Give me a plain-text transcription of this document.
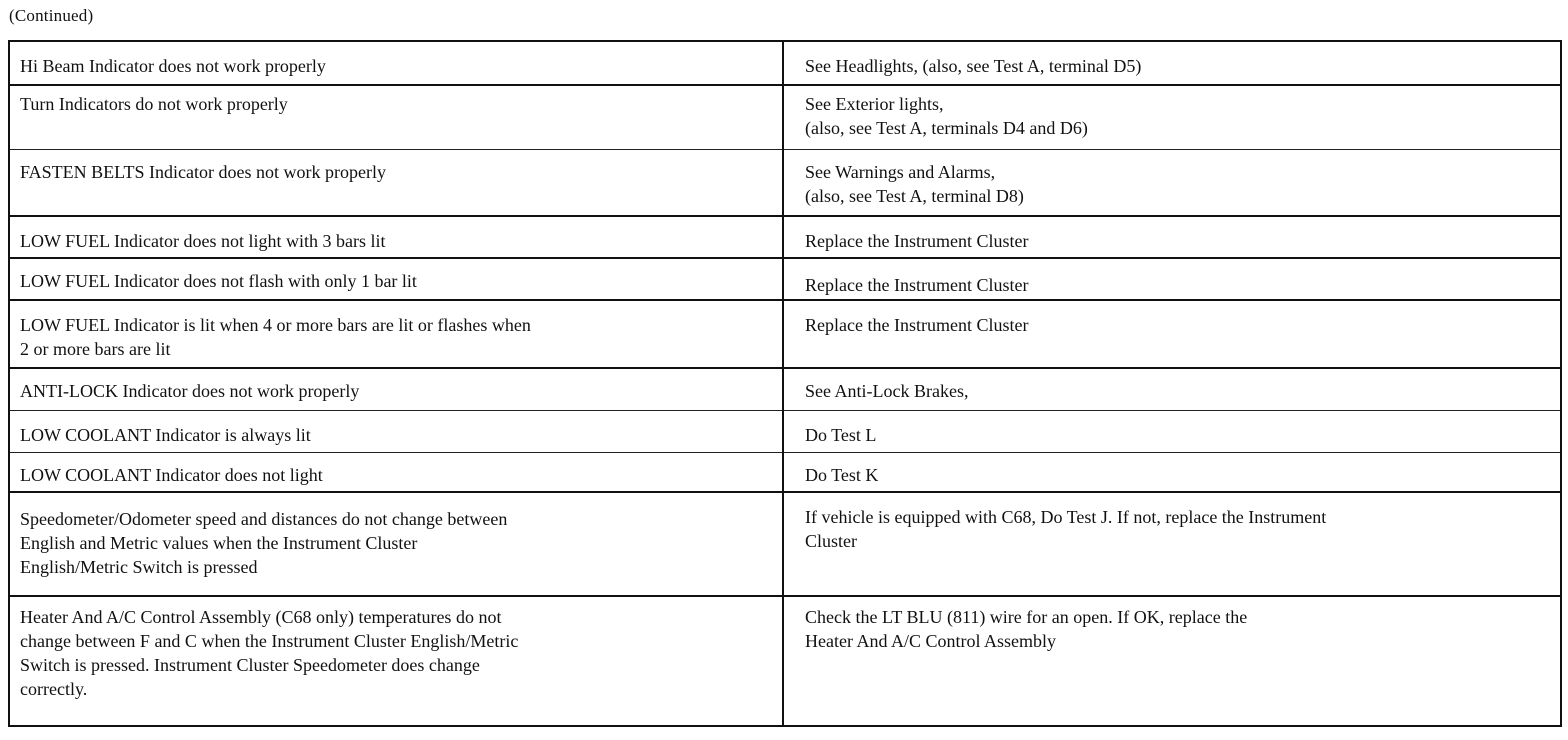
(Continued)
Hi Beam Indicator does not work properly	See Headlights, (also, see Test A, terminal D5)

Turn Indicators do not work properly	See Exterior lights,
(also, see Test A, terminals D4 and D6)

FASTEN BELTS Indicator does not work properly	See Warnings and Alarms,
(also, see Test A, terminal D8)

LOW FUEL Indicator does not light with 3 bars lit	Replace the Instrument Cluster

LOW FUEL Indicator does not flash with only 1 bar lit	Replace the Instrument Cluster

LOW FUEL Indicator is lit when 4 or more bars are lit or flashes when
2 or more bars are lit	Replace the Instrument Cluster

ANTI-LOCK Indicator does not work properly	See Anti-Lock Brakes,

LOW COOLANT Indicator is always lit	Do Test L

LOW COOLANT Indicator does not light	Do Test K

Speedometer/Odometer speed and distances do not change between
English and Metric values when the Instrument Cluster
English/Metric Switch is pressed	If vehicle is equipped with C68, Do Test J. If not, replace the Instrument
Cluster

Heater And A/C Control Assembly (C68 only) temperatures do not
change between F and C when the Instrument Cluster English/Metric
Switch is pressed. Instrument Cluster Speedometer does change
correctly.	Check the LT BLU (811) wire for an open. If OK, replace the
Heater And A/C Control Assembly
